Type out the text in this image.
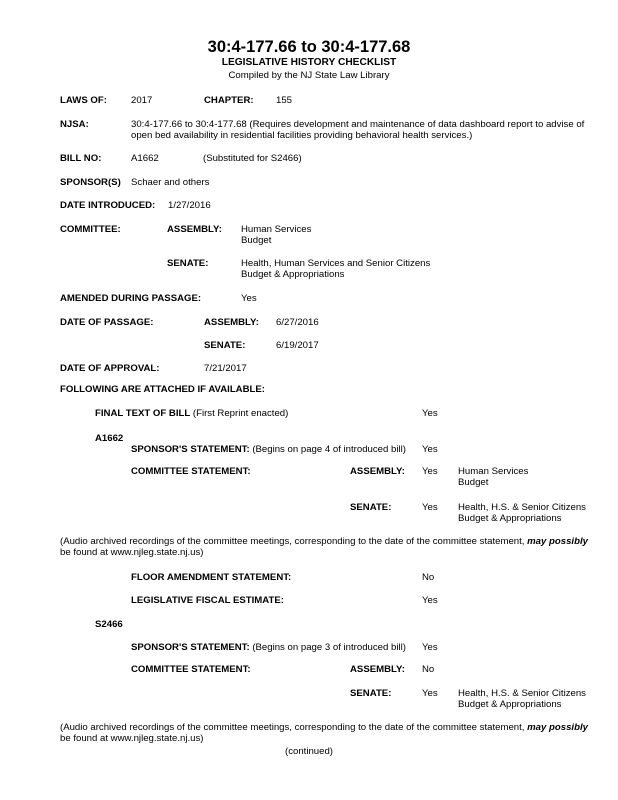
30:4-177.66 to 30:4-177.68
LEGISLATIVE HISTORY CHECKLIST
Compiled by the NJ State Law Library
LAWS OF:	2017	CHAPTER: 155
NJSA:	30:4-177.66 to 30:4-177.68 (Requires development and maintenance of data dashboard report to advise of
open bed availability in residential facilities providing behavioral health services.)
BILL NO:	A1662	(Substituted for S2466)
SPONSOR(S) Schaer and others
DATE INTRODUCED: 1/27/2016
COMMITTEE:	ASSEMBLY: Human Services
Budget
SENATE:	Health, Human Services and Senior Citizens
Budget & Appropriations
AMENDED DURING PASSAGE:	Yes
DATE OF PASSAGE:	ASSEMBLY: 6/27/2016
SENATE:	6/19/2017
DATE OF APPROVAL:	7/21/2017
FOLLOWING ARE ATTACHED IF AVAILABLE:
FINAL TEXT OF BILL (First Reprint enacted)	Yes
A1662
SPONSOR'S STATEMENT: (Begins on page 4 of introduced bill) Yes
COMMITTEE STATEMENT:	ASSEMBLY: Yes Human Services
Budget
SENATE:	Yes Health, H.S. & Senior Citizens
Budget & Appropriations
(Audio archived recordings of the committee meetings, corresponding to the date of the committee statement, may possibly
be found at www.njleg.state.nj.us)
FLOOR AMENDMENT STATEMENT:	No
LEGISLATIVE FISCAL ESTIMATE:	Yes
S2466
SPONSOR'S STATEMENT: (Begins on page 3 of introduced bill) Yes
COMMITTEE STATEMENT:	ASSEMBLY: No
SENATE:	Yes Health, H.S. & Senior Citizens
Budget & Appropriations
(Audio archived recordings of the committee meetings, corresponding to the date of the committee statement, may possibly
be found at www.njleg.state.nj.us)
(continued)
